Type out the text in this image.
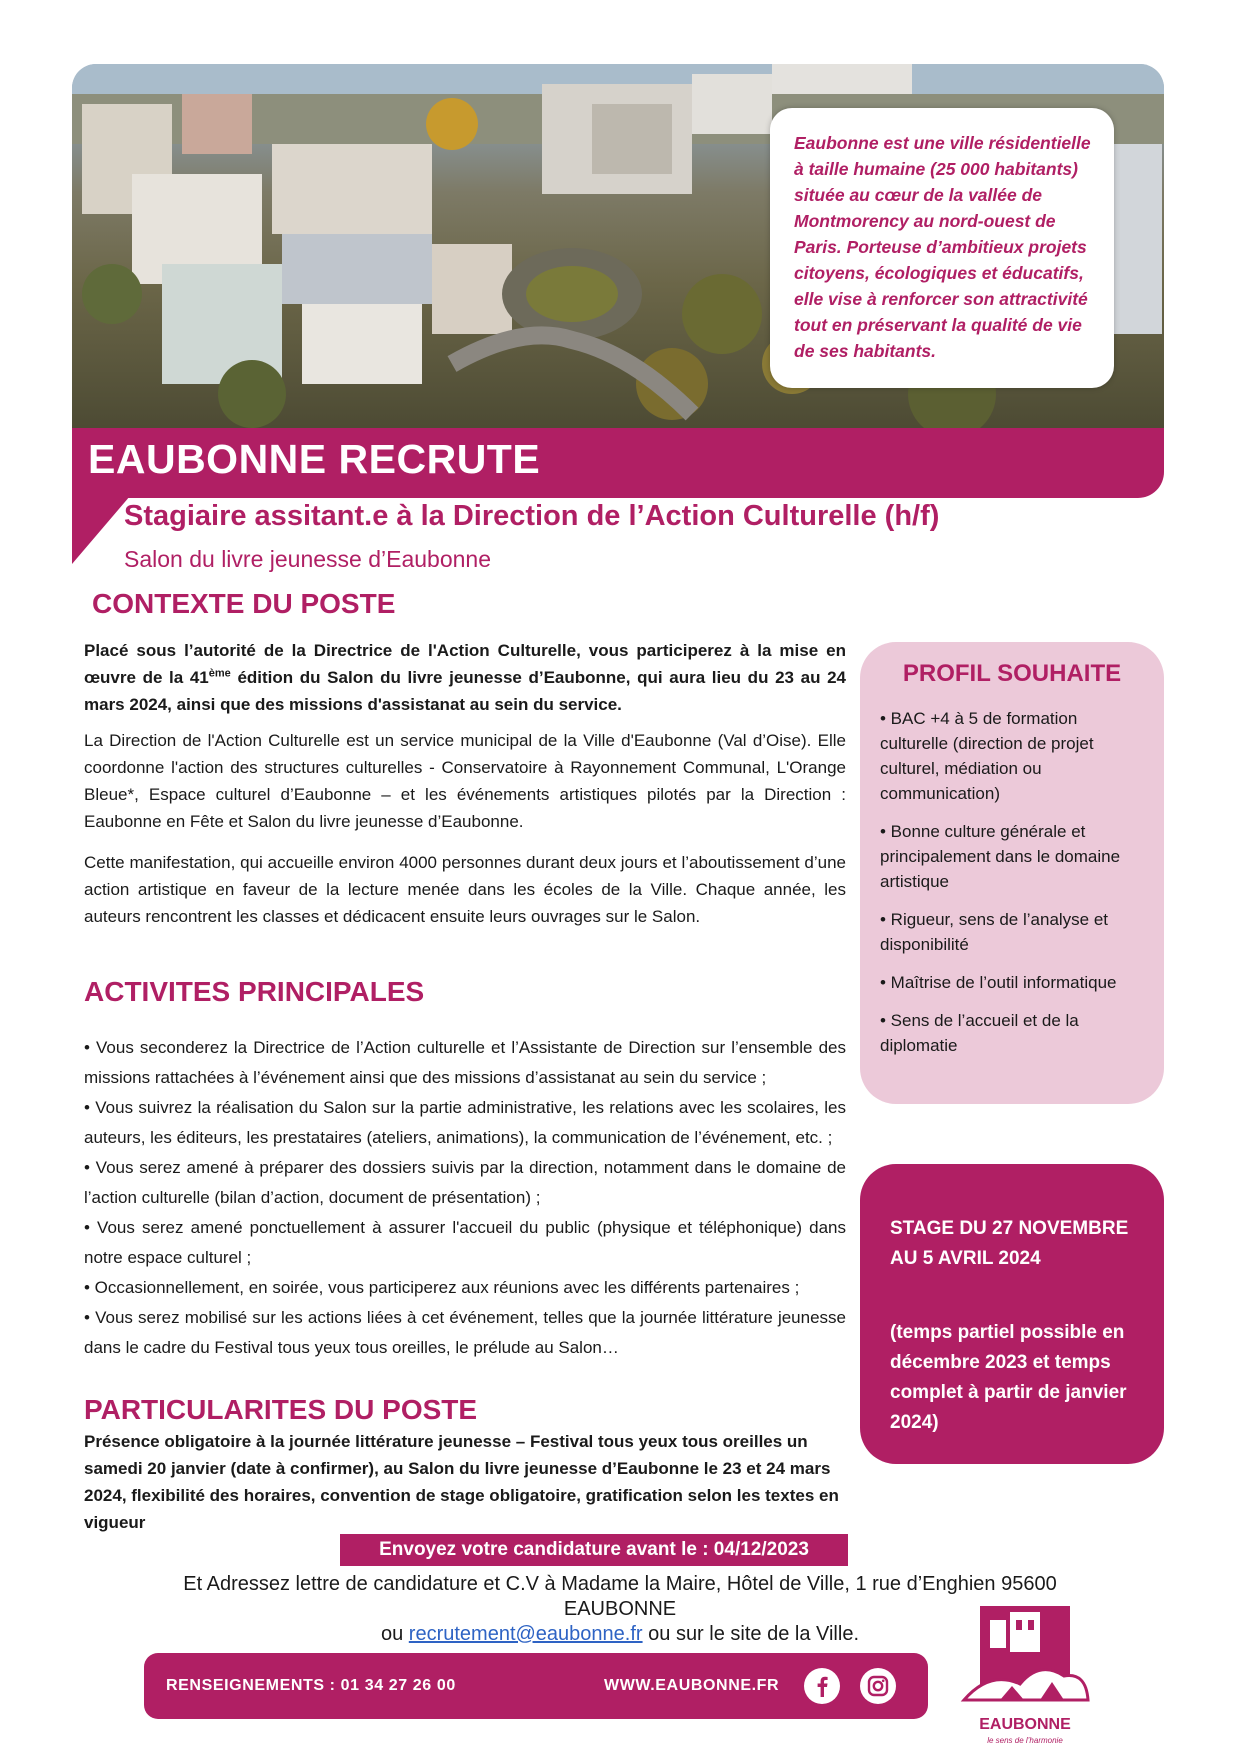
Eaubonne est une ville résidentielle à taille humaine (25 000 habitants) située au cœur de la vallée de Montmorency au nord-ouest de Paris. Porteuse d’ambitieux projets citoyens, écologiques et éducatifs, elle vise à renforcer son attractivité tout en préservant la qualité de vie de ses habitants.

EAUBONNE RECRUTE
Stagiaire assitant.e à la Direction de l’Action Culturelle (h/f)
Salon du livre jeunesse d’Eaubonne
CONTEXTE DU POSTE

Placé sous l’autorité de la Directrice de l'Action Culturelle, vous participerez à la mise en œuvre de la 41ème édition du Salon du livre jeunesse d’Eaubonne, qui aura lieu du 23 au 24 mars 2024, ainsi que des missions d'assistanat au sein du service.

La Direction de l'Action Culturelle est un service municipal de la Ville d'Eaubonne (Val d’Oise). Elle coordonne l'action des structures culturelles - Conservatoire à Rayonnement Communal, L'Orange Bleue*, Espace culturel d’Eaubonne – et les événements artistiques pilotés par la Direction : Eaubonne en Fête et Salon du livre jeunesse d’Eaubonne.

Cette manifestation, qui accueille environ 4000 personnes durant deux jours et l’aboutissement d’une action artistique en faveur de la lecture menée dans les écoles de la Ville. Chaque année, les auteurs rencontrent les classes et dédicacent ensuite leurs ouvrages sur le Salon.

ACTIVITES PRINCIPALES
• Vous seconderez la Directrice de l’Action culturelle et l’Assistante de Direction sur l’ensemble des missions rattachées à l’événement ainsi que des missions d’assistanat au sein du service ;
• Vous suivrez la réalisation du Salon sur la partie administrative, les relations avec les scolaires, les auteurs, les éditeurs, les prestataires (ateliers, animations), la communication de l’événement, etc. ;
• Vous serez amené à préparer des dossiers suivis par la direction, notamment dans le domaine de l’action culturelle (bilan d’action, document de présentation) ;
• Vous serez amené ponctuellement à assurer l'accueil du public (physique et téléphonique) dans notre espace culturel ;
• Occasionnellement, en soirée, vous participerez aux réunions avec les différents partenaires ;
• Vous serez mobilisé sur les actions liées à cet événement, telles que la journée littérature jeunesse dans le cadre du Festival tous yeux tous oreilles, le prélude au Salon…
PARTICULARITES DU POSTE

Présence obligatoire à la journée littérature jeunesse – Festival tous yeux tous oreilles un samedi 20 janvier (date à confirmer), au Salon du livre jeunesse d’Eaubonne le 23 et 24 mars 2024, flexibilité des horaires, convention de stage obligatoire, gratification selon les textes en vigueur

PROFIL SOUHAITE
• BAC +4 à 5 de formation culturelle (direction de projet culturel, médiation ou communication)
• Bonne culture générale et principalement dans le domaine artistique
• Rigueur, sens de l’analyse et disponibilité
• Maîtrise de l’outil informatique
• Sens de l’accueil et de la diplomatie
STAGE DU 27 NOVEMBRE AU 5 AVRIL 2024
(temps partiel possible en décembre 2023 et temps complet à partir de janvier 2024)
Envoyez votre candidature avant le : 04/12/2023
Et Adressez lettre de candidature et C.V à Madame la Maire, Hôtel de Ville, 1 rue d’Enghien 95600 EAUBONNE
ou recrutement@eaubonne.fr ou sur le site de la Ville.
RENSEIGNEMENTS : 01 34 27 26 00	WWW.EAUBONNE.FR
EAUBONNE
le sens de l’harmonie
